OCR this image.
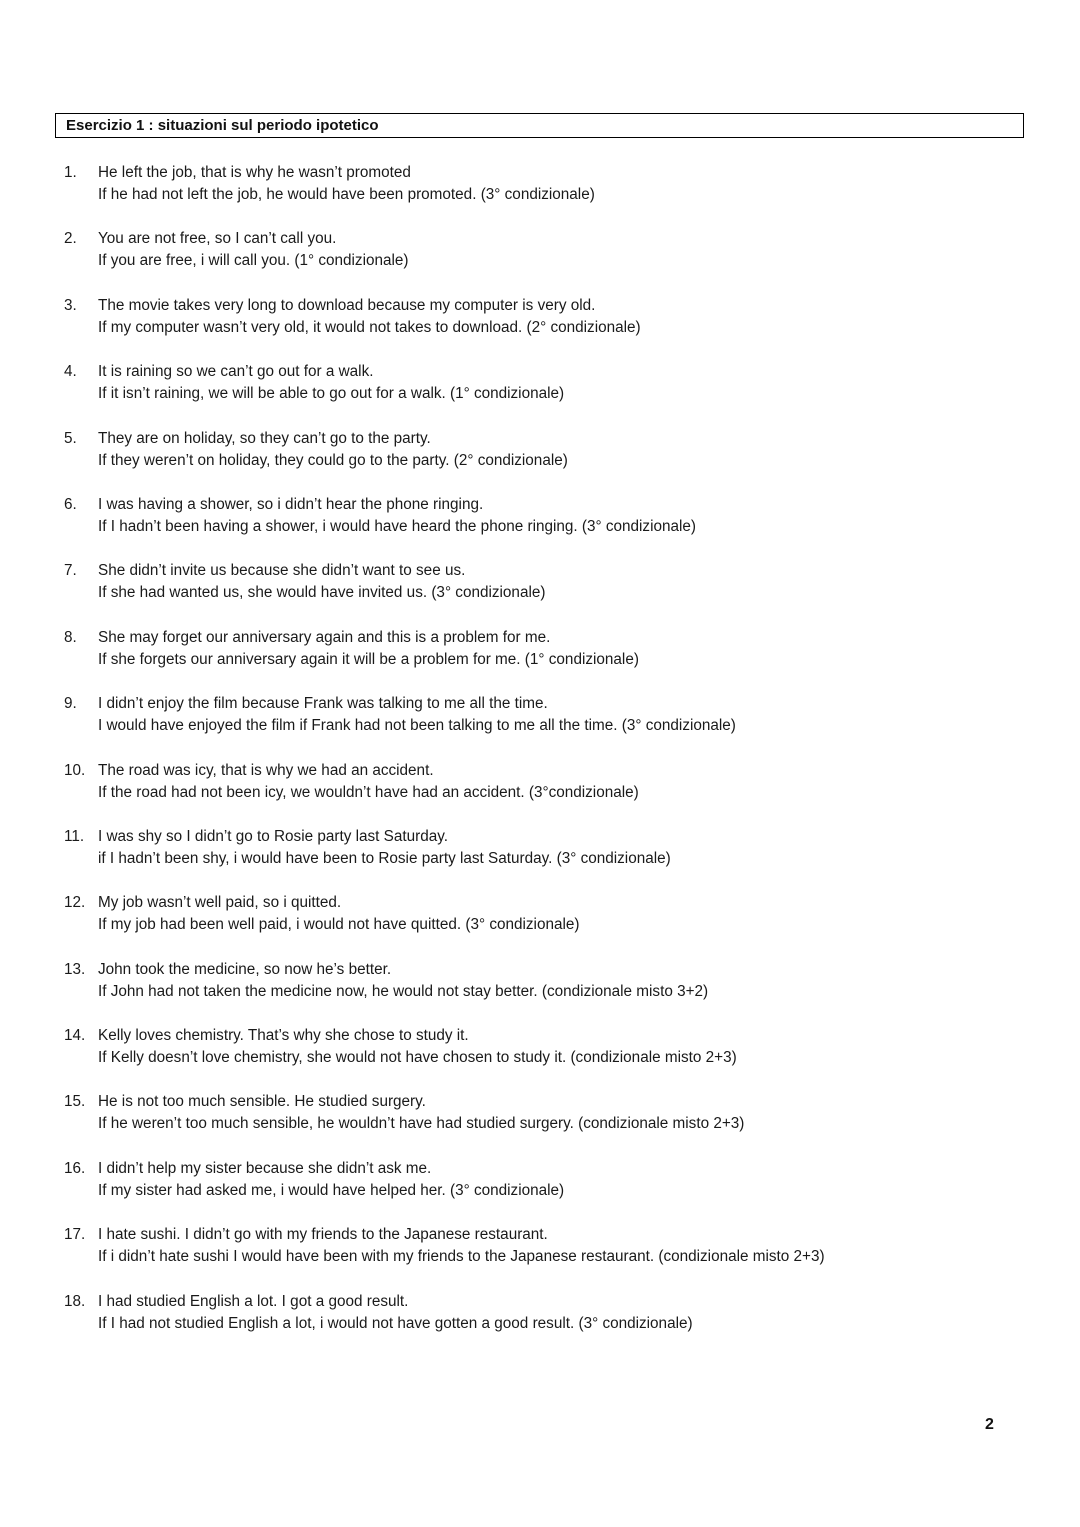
Esercizio 1 : situazioni sul periodo ipotetico
1.	He left the job, that is why he wasn’t promoted
If he had not left the job, he would have been promoted. (3° condizionale)
2.	You are not free, so I can’t call you.
If you are free, i will call you. (1° condizionale)
3.	The movie takes very long to download because my computer is very old.
If my computer wasn’t very old, it would not takes to download. (2° condizionale)
4.	It is raining so we can’t go out for a walk.
If it isn’t raining, we will be able to go out for a walk. (1° condizionale)
5.	They are on holiday, so they can’t go to the party.
If they weren’t on holiday, they could go to the party. (2° condizionale)
6.	I was having a shower, so i didn’t hear the phone ringing.
If I hadn’t been having a shower, i would have heard the phone ringing. (3° condizionale)
7.	She didn’t invite us because she didn’t want to see us.
If she had wanted us, she would have invited us. (3° condizionale)
8.	She may forget our anniversary again and this is a problem for me.
If she forgets our anniversary again it will be a problem for me. (1° condizionale)
9.	I didn’t enjoy the film because Frank was talking to me all the time.
I would have enjoyed the film if Frank had not been talking to me all the time. (3° condizionale)
10. The road was icy, that is why we had an accident.
If the road had not been icy, we wouldn’t have had an accident. (3°condizionale)
11. I was shy so I didn’t go to Rosie party last Saturday.
if I hadn’t been shy, i would have been to Rosie party last Saturday. (3° condizionale)
12. My job wasn’t well paid, so i quitted.
If my job had been well paid, i would not have quitted. (3° condizionale)
13. John took the medicine, so now he’s better.
If John had not taken the medicine now, he would not stay better. (condizionale misto 3+2)
14. Kelly loves chemistry. That’s why she chose to study it.
If Kelly doesn’t love chemistry, she would not have chosen to study it. (condizionale misto 2+3)
15. He is not too much sensible. He studied surgery.
If he weren’t too much sensible, he wouldn’t have had studied surgery. (condizionale misto 2+3)
16. I didn’t help my sister because she didn’t ask me.
If my sister had asked me, i would have helped her. (3° condizionale)
17. I hate sushi. I didn’t go with my friends to the Japanese restaurant.
If i didn’t hate sushi I would have been with my friends to the Japanese restaurant. (condizionale misto 2+3)
18. I had studied English a lot. I got a good result.
If I had not studied English a lot, i would not have gotten a good result. (3° condizionale)
2
